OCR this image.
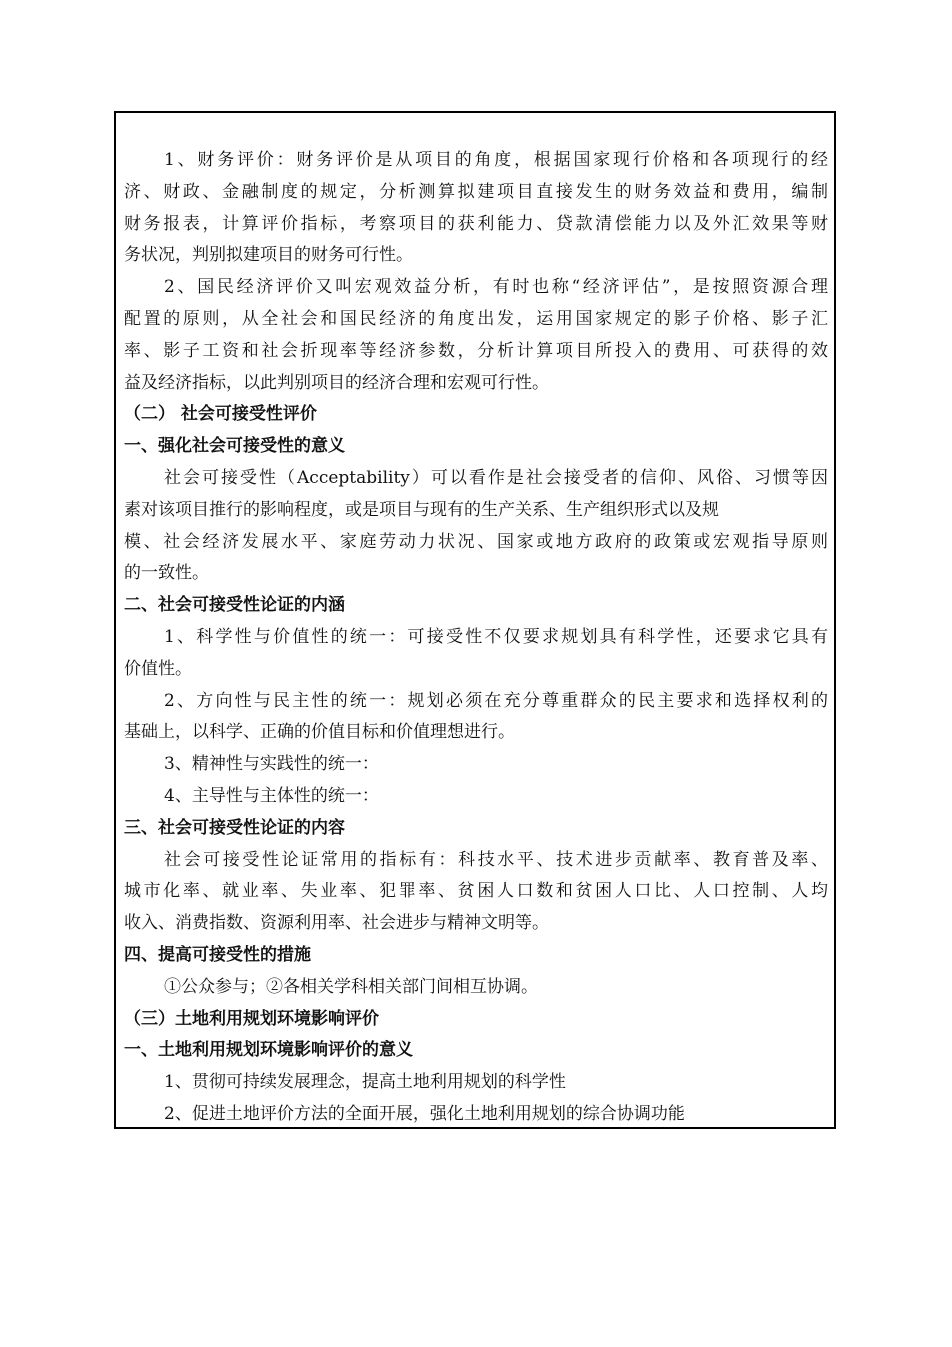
1、财务评价：财务评价是从项目的角度，根据国家现行价格和各项现行的经
济、财政、金融制度的规定，分析测算拟建项目直接发生的财务效益和费用，编制
财务报表，计算评价指标，考察项目的获利能力、贷款清偿能力以及外汇效果等财
务状况，判别拟建项目的财务可行性。
2、国民经济评价又叫宏观效益分析，有时也称“经济评估”，是按照资源合理
配置的原则，从全社会和国民经济的角度出发，运用国家规定的影子价格、影子汇
率、影子工资和社会折现率等经济参数，分析计算项目所投入的费用、可获得的效
益及经济指标，以此判别项目的经济合理和宏观可行性。
（二） 社会可接受性评价
一、强化社会可接受性的意义
社会可接受性（Acceptability）可以看作是社会接受者的信仰、风俗、习惯等因
素对该项目推行的影响程度，或是项目与现有的生产关系、生产组织形式以及规
模、社会经济发展水平、家庭劳动力状况、国家或地方政府的政策或宏观指导原则
的一致性。
二、社会可接受性论证的内涵
1、科学性与价值性的统一：可接受性不仅要求规划具有科学性，还要求它具有
价值性。
2、方向性与民主性的统一：规划必须在充分尊重群众的民主要求和选择权利的
基础上，以科学、正确的价值目标和价值理想进行。
3、精神性与实践性的统一：
4、主导性与主体性的统一：
三、社会可接受性论证的内容
社会可接受性论证常用的指标有：科技水平、技术进步贡献率、教育普及率、
城市化率、就业率、失业率、犯罪率、贫困人口数和贫困人口比、人口控制、人均
收入、消费指数、资源利用率、社会进步与精神文明等。
四、提高可接受性的措施
①公众参与；②各相关学科相关部门间相互协调。
（三）土地利用规划环境影响评价
一、土地利用规划环境影响评价的意义
1、贯彻可持续发展理念，提高土地利用规划的科学性
2、促进土地评价方法的全面开展，强化土地利用规划的综合协调功能
